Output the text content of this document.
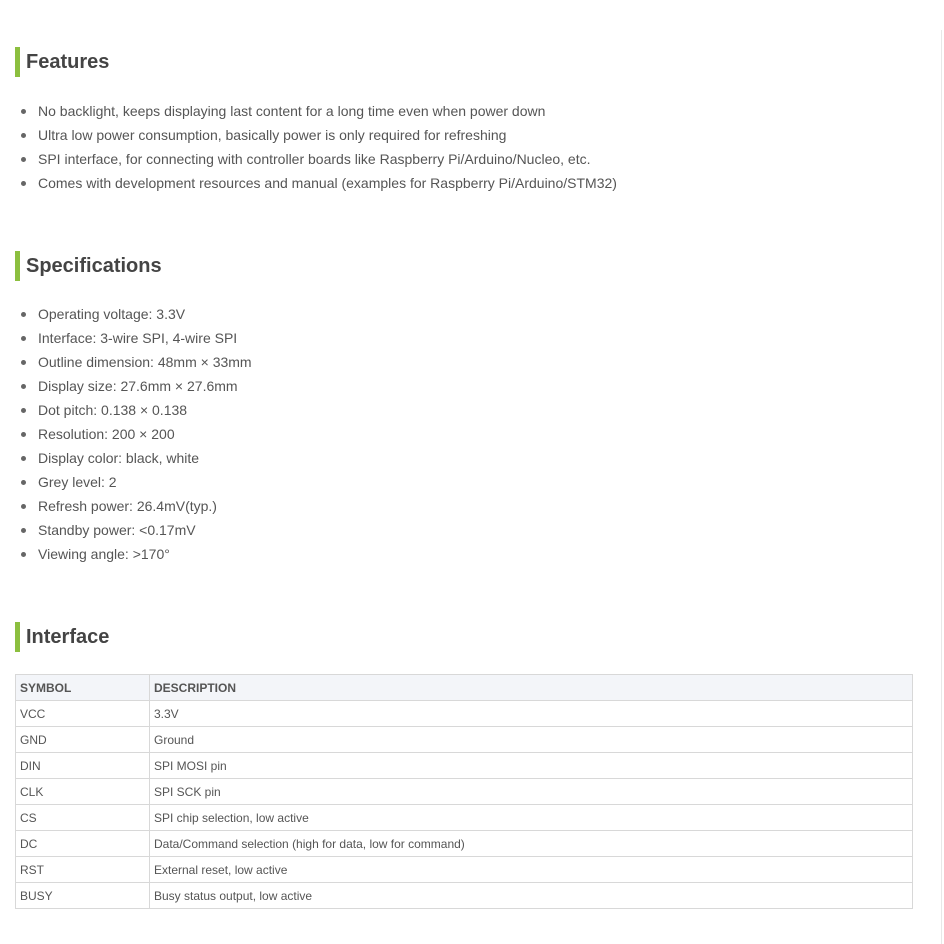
Features
No backlight, keeps displaying last content for a long time even when power down
Ultra low power consumption, basically power is only required for refreshing
SPI interface, for connecting with controller boards like Raspberry Pi/Arduino/Nucleo, etc.
Comes with development resources and manual (examples for Raspberry Pi/Arduino/STM32)
Specifications
Operating voltage: 3.3V
Interface: 3-wire SPI, 4-wire SPI
Outline dimension: 48mm × 33mm
Display size: 27.6mm × 27.6mm
Dot pitch: 0.138 × 0.138
Resolution: 200 × 200
Display color: black, white
Grey level: 2
Refresh power: 26.4mV(typ.)
Standby power: <0.17mV
Viewing angle: >170°
Interface
SYMBOL	DESCRIPTION
VCC	3.3V
GND	Ground
DIN	SPI MOSI pin
CLK	SPI SCK pin
CS	SPI chip selection, low active
DC	Data/Command selection (high for data, low for command)
RST	External reset, low active
BUSY	Busy status output, low active
